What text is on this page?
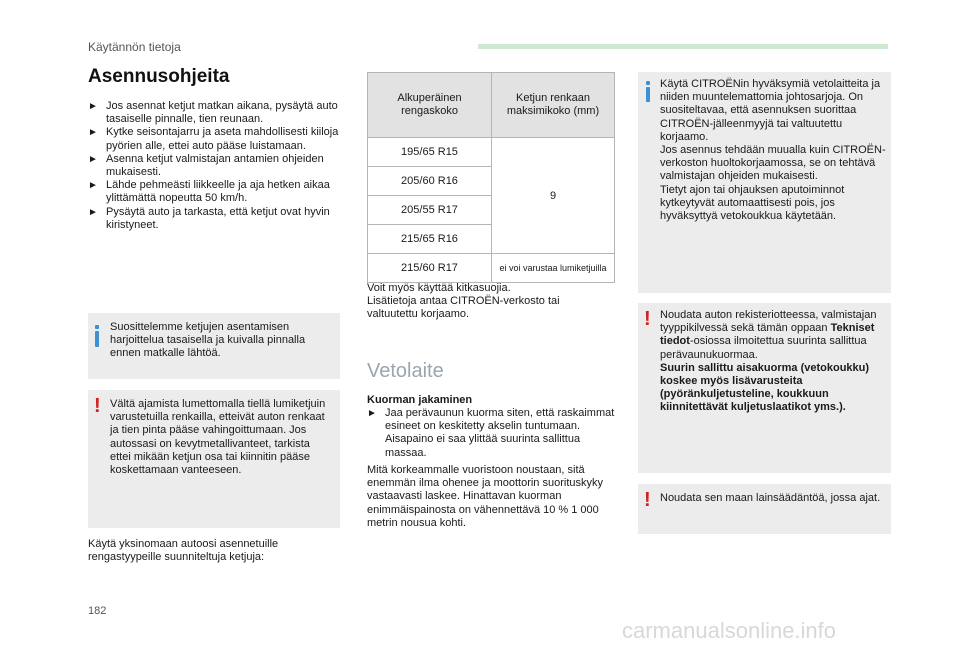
Käytännön tietoja
Asennusohjeita
► Jos asennat ketjut matkan aikana, pysäytä auto tasaiselle pinnalle, tien reunaan.
► Kytke seisontajarru ja aseta mahdollisesti kiiloja pyörien alle, ettei auto pääse luistamaan.
► Asenna ketjut valmistajan antamien ohjeiden mukaisesti.
► Lähde pehmeästi liikkeelle ja aja hetken aikaa ylittämättä nopeutta 50 km/h.
► Pysäytä auto ja tarkasta, että ketjut ovat hyvin kiristyneet.
Suosittelemme ketjujen asentamisen harjoittelua tasaisella ja kuivalla pinnalla ennen matkalle lähtöä.
! Vältä ajamista lumettomalla tiellä lumiketjuin varustetuilla renkailla, etteivät auton renkaat ja tien pinta pääse vahingoittumaan. Jos autossasi on kevytmetallivanteet, tarkista ettei mikään ketjun osa tai kiinnitin pääse koskettamaan vanteeseen.
Käytä yksinomaan autoosi asennetuille rengastyypeille suunniteltuja ketjuja:
Alkuperäinen rengaskoko	Ketjun renkaan maksimikoko (mm)
195/65 R15	9
205/60 R16	
205/55 R17	
215/65 R16	
215/60 R17	ei voi varustaa lumiketjuilla
Voit myös käyttää kitkasuojia.
Lisätietoja antaa CITROËN-verkosto tai valtuutettu korjaamo.
Vetolaite
Kuorman jakaminen
► Jaa perävaunun kuorma siten, että raskaimmat esineet on keskitetty akselin tuntumaan. Aisapaino ei saa ylittää suurinta sallittua massaa.
Mitä korkeammalle vuoristoon noustaan, sitä enemmän ilma ohenee ja moottorin suorituskyky vastaavasti laskee. Hinattavan kuorman enimmäispainosta on vähennettävä 10 % 1 000 metrin nousua kohti.
Käytä CITROËNin hyväksymiä vetolaitteita ja niiden muuntelemattomia johtosarjoja. On suositeltavaa, että asennuksen suorittaa CITROËN-jälleenmyyjä tai valtuutettu korjaamo.
Jos asennus tehdään muualla kuin CITROËN-verkoston huoltokorjaamossa, se on tehtävä valmistajan ohjeiden mukaisesti.
Tietyt ajon tai ohjauksen aputoiminnot kytkeytyvät automaattisesti pois, jos hyväksyttyä vetokoukkua käytetään.
! Noudata auton rekisteriotteessa, valmistajan tyyppikilvessä sekä tämän oppaan Tekniset tiedot-osiossa ilmoitettua suurinta sallittua perävaunukuormaa.
Suurin sallittu aisakuorma (vetokoukku) koskee myös lisävarusteita (pyöränkuljetusteline, koukkuun kiinnitettävät kuljetuslaatikot yms.).
! Noudata sen maan lainsäädäntöä, jossa ajat.
182
carmanualsonline.info
